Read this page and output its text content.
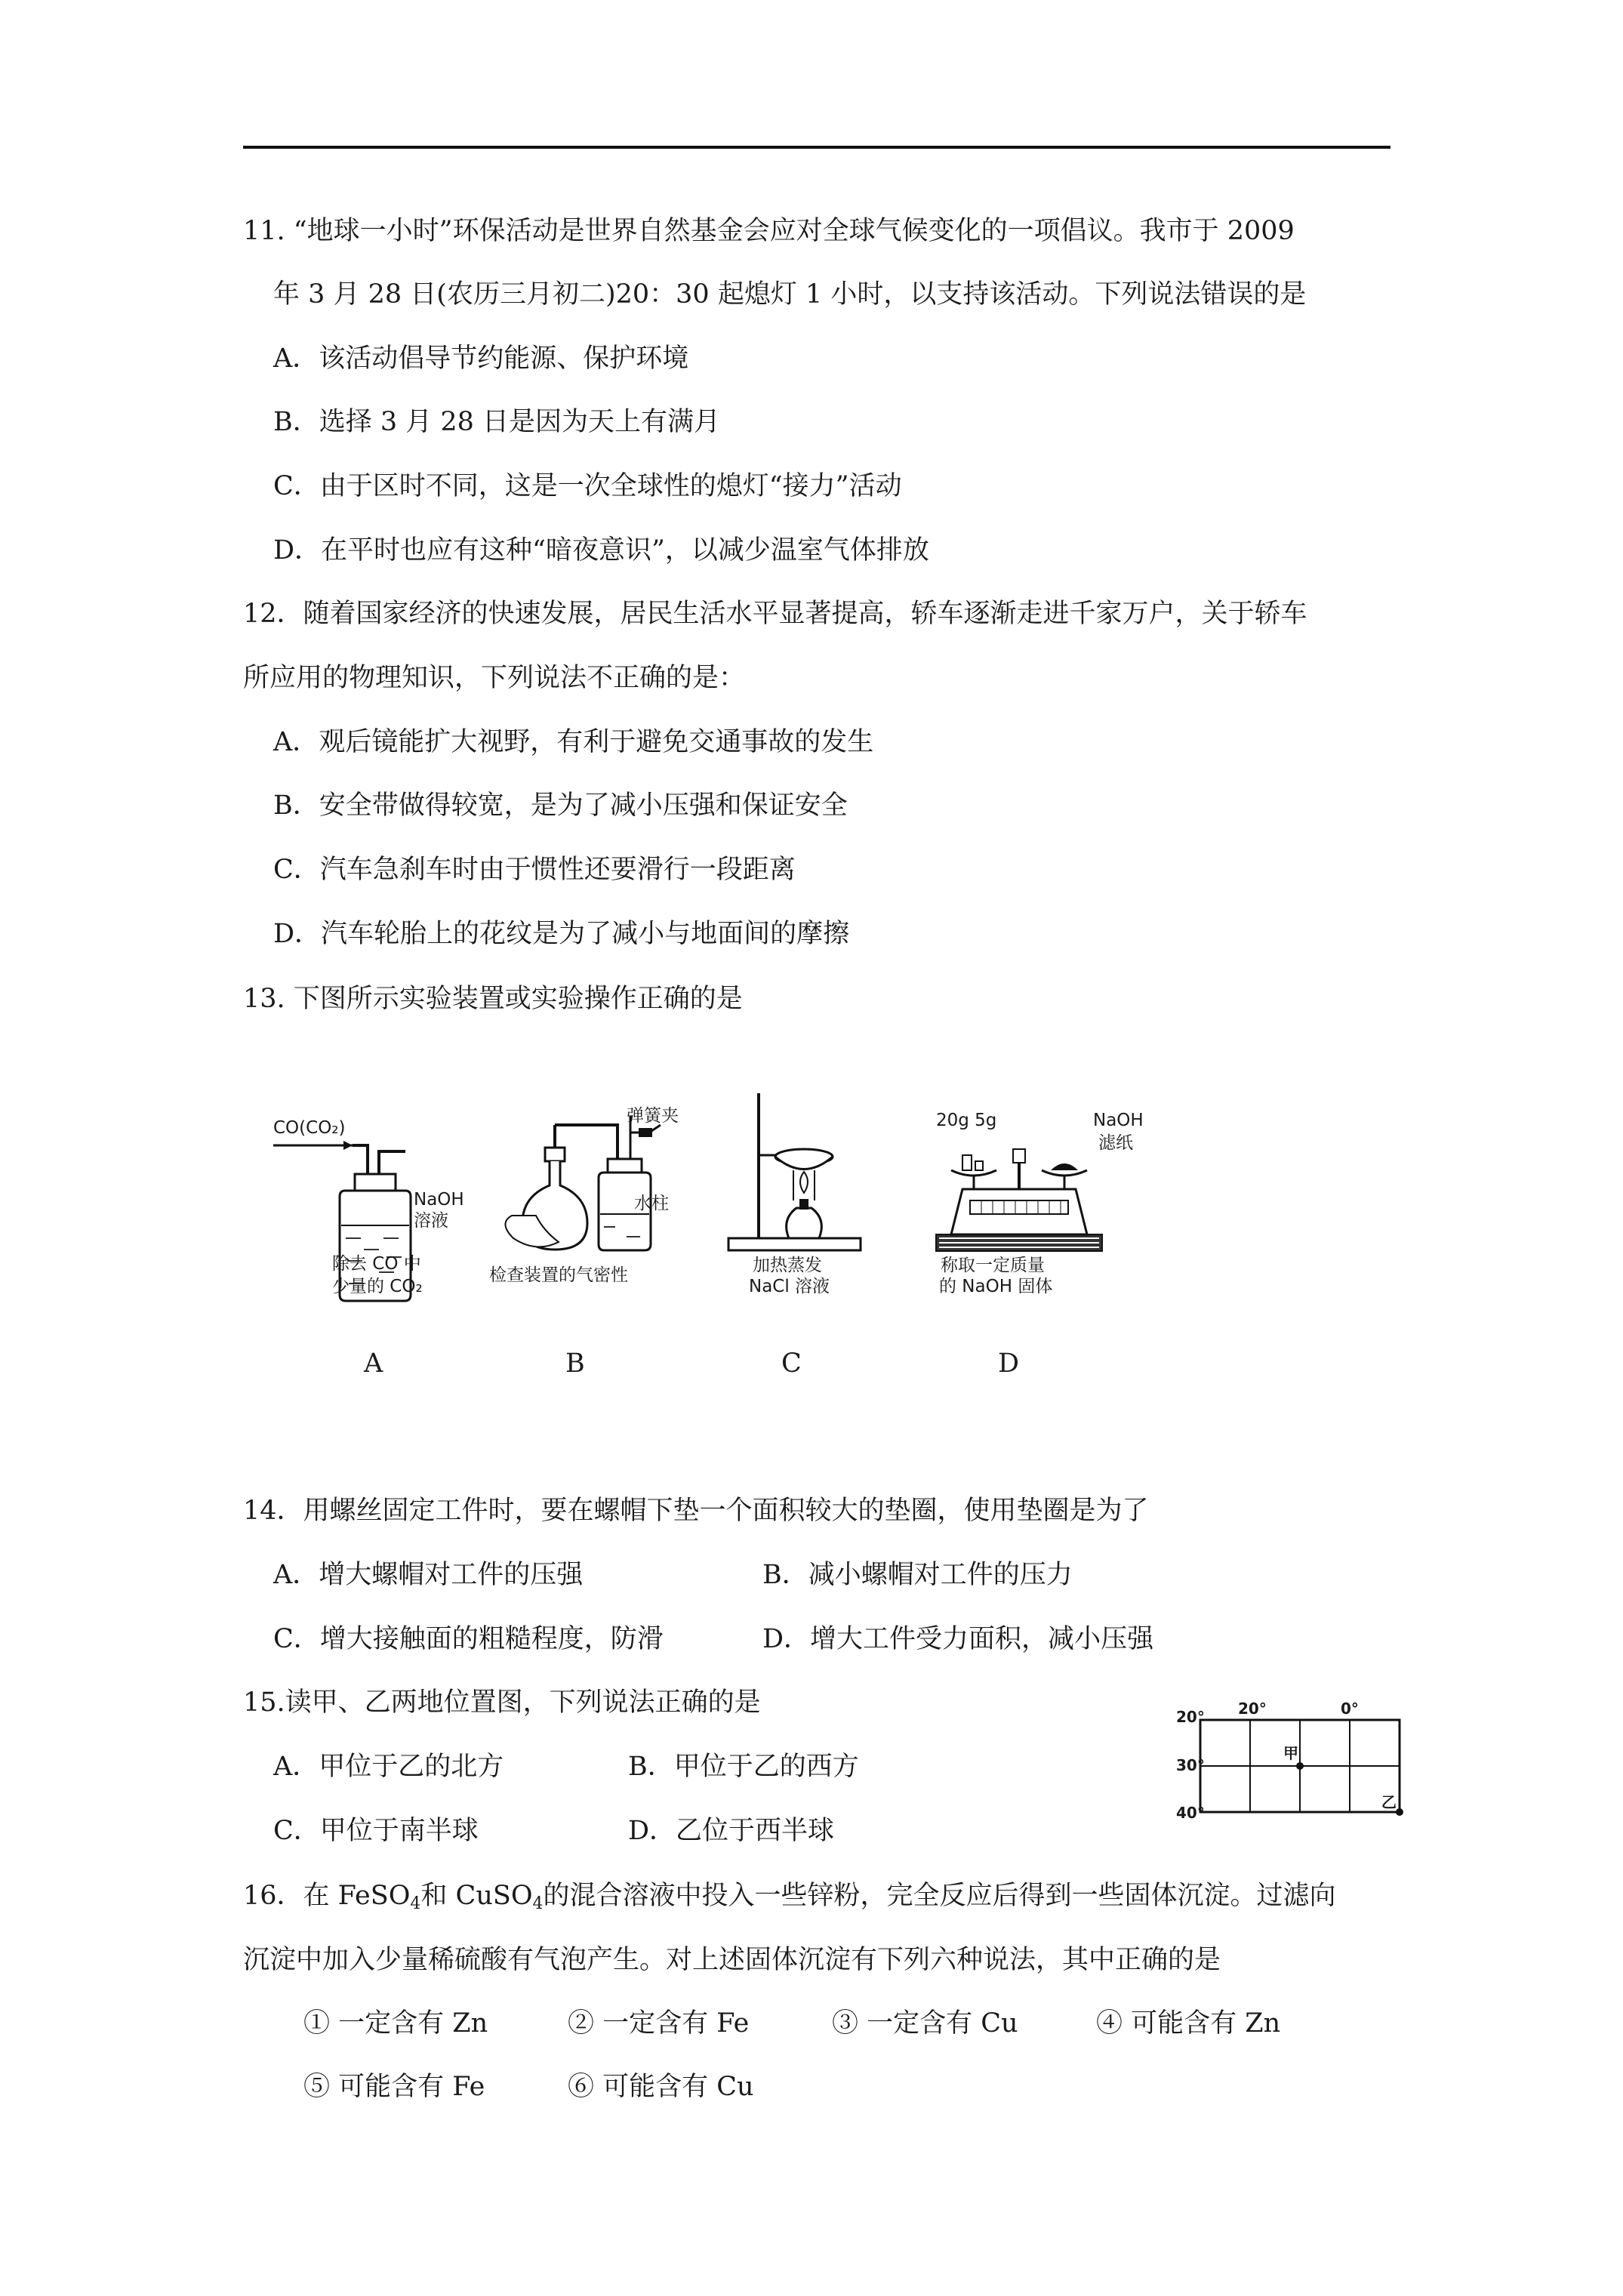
11. “地球一小时”环保活动是世界自然基金会应对全球气候变化的一项倡议。我市于 2009
年 3 月 28 日(农历三月初二)20：30 起熄灯 1 小时，以支持该活动。下列说法错误的是
A．该活动倡导节约能源、保护环境
B．选择 3 月 28 日是因为天上有满月
C．由于区时不同，这是一次全球性的熄灯“接力”活动
D．在平时也应有这种“暗夜意识”，以减少温室气体排放
12．随着国家经济的快速发展，居民生活水平显著提高，轿车逐渐走进千家万户，关于轿车
所应用的物理知识，下列说法不正确的是：
A．观后镜能扩大视野，有利于避免交通事故的发生
B．安全带做得较宽，是为了减小压强和保证安全
C．汽车急刹车时由于惯性还要滑行一段距离
D．汽车轮胎上的花纹是为了减小与地面间的摩擦
13. 下图所示实验装置或实验操作正确的是
CO(CO₂)
NaOH
溶液
除去 CO 中
少量的 CO₂
A
弹簧夹
水柱
检查装置的气密性
B
加热蒸发
NaCl 溶液
C
20g 5g	NaOH
滤纸
称取一定质量
的 NaOH 固体
D
14．用螺丝固定工件时，要在螺帽下垫一个面积较大的垫圈，使用垫圈是为了
A．增大螺帽对工件的压强	B．减小螺帽对工件的压力
C．增大接触面的粗糙程度，防滑	D．增大工件受力面积，减小压强
15.读甲、乙两地位置图，下列说法正确的是
A．甲位于乙的北方	B．甲位于乙的西方
C．甲位于南半球	D．乙位于西半球
20°
30°
40°
20°	0°
甲
乙
16．在 FeSO$_4$和 CuSO$_4$的混合溶液中投入一些锌粉，完全反应后得到一些固体沉淀。过滤向
沉淀中加入少量稀硫酸有气泡产生。对上述固体沉淀有下列六种说法，其中正确的是
① 一定含有 Zn	② 一定含有 Fe	③ 一定含有 Cu	④ 可能含有 Zn
⑤ 可能含有 Fe	⑥ 可能含有 Cu
